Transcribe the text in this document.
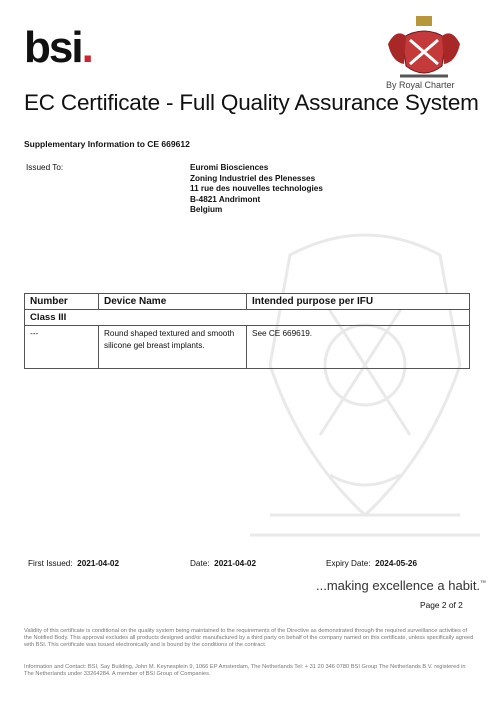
bsi.
By Royal Charter
EC Certificate - Full Quality Assurance System
Supplementary Information to CE 669612
Issued To:	Euromi Biosciences
Zoning Industriel des Plenesses
11 rue des nouvelles technologies
B-4821 Andrimont
Belgium
Number	Device Name	Intended purpose per IFU
Class III		
---	Round shaped textured and smooth silicone gel breast implants.	See CE 669619.
First Issued: 2021-04-02	Date: 2021-04-02	Expiry Date: 2024-05-26
...making excellence a habit.™
Page 2 of 2
Validity of this certificate is conditional on the quality system being maintained to the requirements of the Directive as demonstrated through the required surveillance activities of the Notified Body. This approval excludes all products designed and/or manufactured by a third party on behalf of the company named on this certificate, unless specifically agreed with BSI. This certificate was issued electronically and is bound by the conditions of the contract.
Information and Contact: BSI, Say Building, John M. Keynesplein 9, 1066 EP Amsterdam, The Netherlands Tel: + 31 20 346 0780 BSI Group The Netherlands B.V. registered in The Netherlands under 33264284. A member of BSI Group of Companies.
